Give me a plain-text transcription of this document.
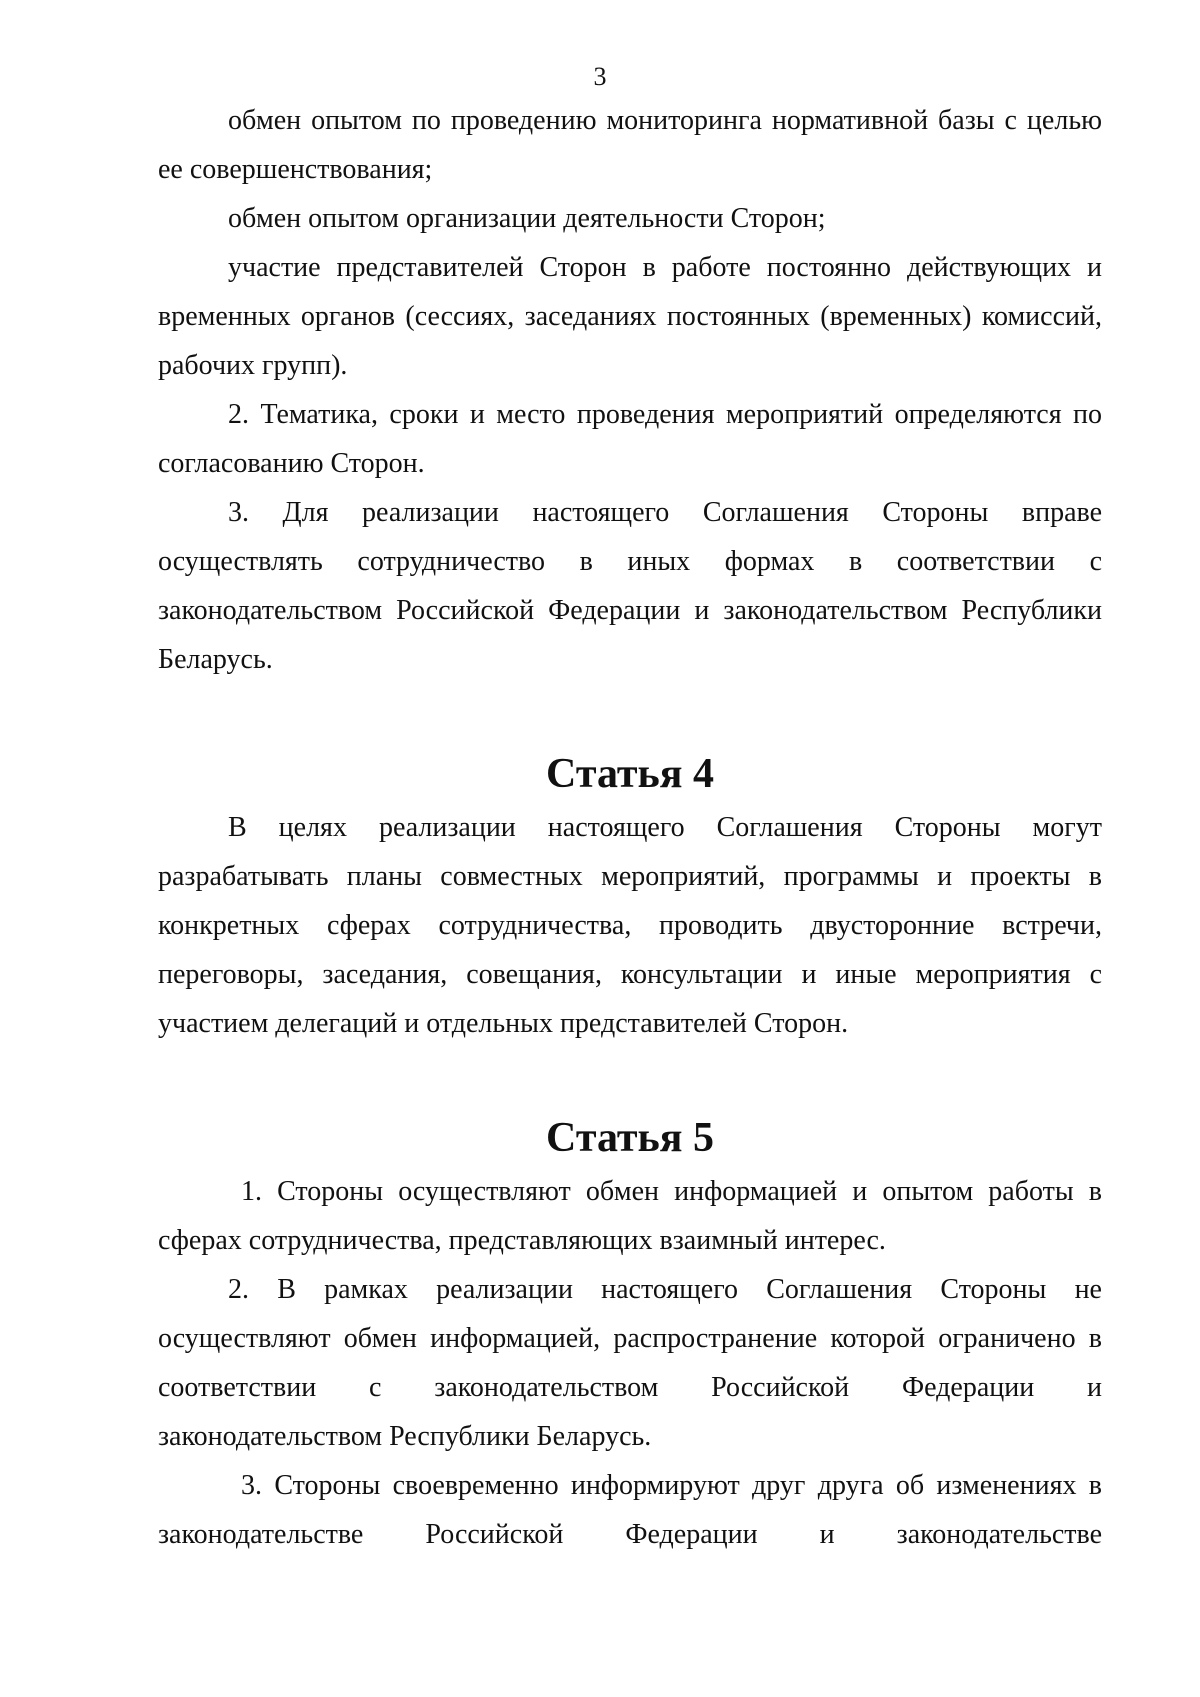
3

обмен опытом по проведению мониторинга нормативной базы с целью ее совершенствования;

обмен опытом организации деятельности Сторон;

участие представителей Сторон в работе постоянно действующих и временных органов (сессиях, заседаниях постоянных (временных) комиссий, рабочих групп).

2. Тематика, сроки и место проведения мероприятий определяются по согласованию Сторон.

3. Для реализации настоящего Соглашения Стороны вправе осуществлять сотрудничество в иных формах в соответствии с законодательством Российской Федерации и законодательством Республики Беларусь.

Статья 4

В целях реализации настоящего Соглашения Стороны могут разрабатывать планы совместных мероприятий, программы и проекты в конкретных сферах сотрудничества, проводить двусторонние встречи, переговоры, заседания, совещания, консультации и иные мероприятия с участием делегаций и отдельных представителей Сторон.

Статья 5

1. Стороны осуществляют обмен информацией и опытом работы в сферах сотрудничества, представляющих взаимный интерес.

2. В рамках реализации настоящего Соглашения Стороны не осуществляют обмен информацией, распространение которой ограничено в соответствии с законодательством Российской Федерации и законодательством Республики Беларусь.

3. Стороны своевременно информируют друг друга об изменениях в законодательстве Российской Федерации и законодательстве
